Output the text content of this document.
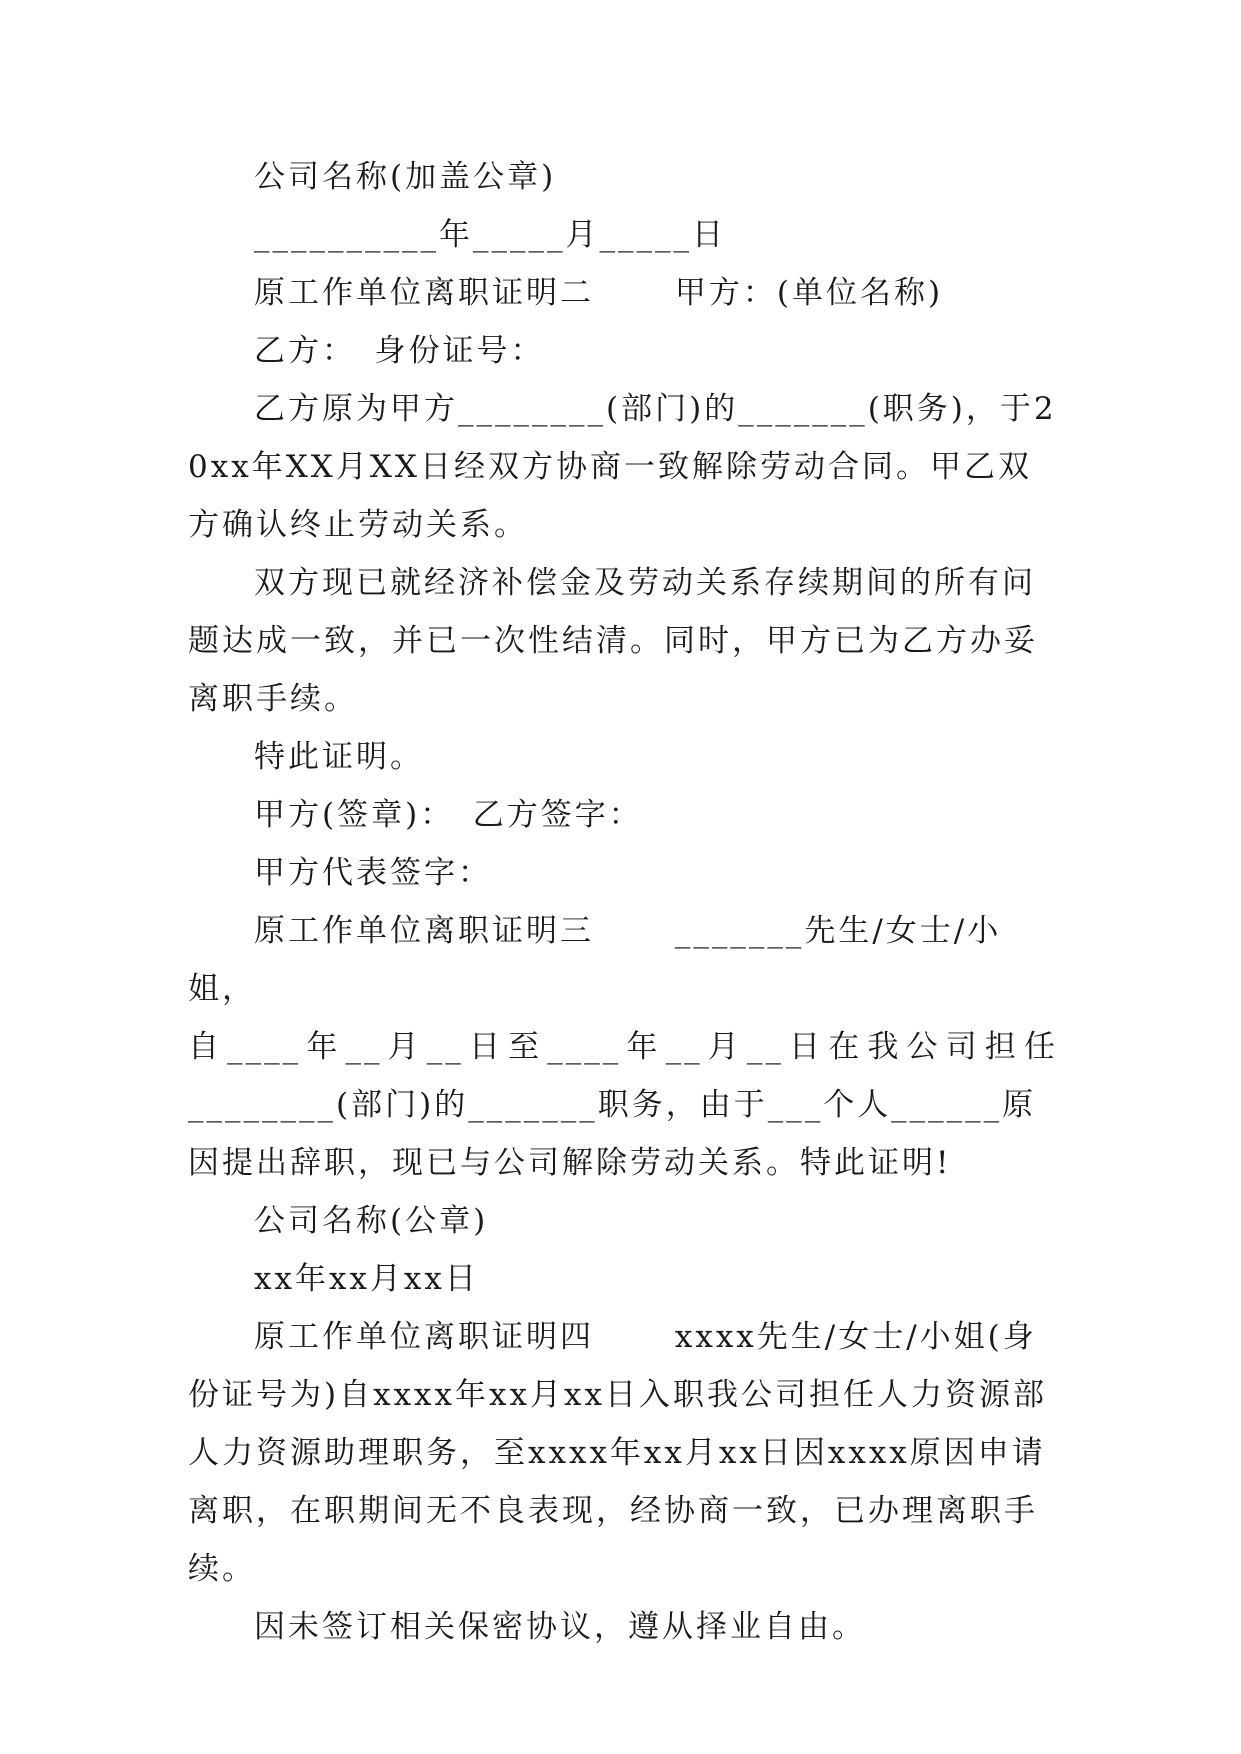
公司名称(加盖公章)

__________年_____月_____日

原工作单位离职证明二　　 甲方：(单位名称)

乙方：　身份证号：

乙方原为甲方________(部门)的_______(职务)，于20xx年XX月XX日经双方协商一致解除劳动合同。甲乙双方确认终止劳动关系。

双方现已就经济补偿金及劳动关系存续期间的所有问题达成一致，并已一次性结清。同时，甲方已为乙方办妥离职手续。

特此证明。

甲方(签章)：　乙方签字：

甲方代表签字：

原工作单位离职证明三　　 _______先生/女士/小姐，

自____年__月__日至____年__月__日在我公司担任

________(部门)的_______职务，由于___个人______原因提出辞职，现已与公司解除劳动关系。特此证明!

公司名称(公章)

xx年xx月xx日

原工作单位离职证明四　　 xxxx先生/女士/小姐(身份证号为)自xxxx年xx月xx日入职我公司担任人力资源部人力资源助理职务，至xxxx年xx月xx日因xxxx原因申请离职，在职期间无不良表现，经协商一致，已办理离职手续。

因未签订相关保密协议，遵从择业自由。
